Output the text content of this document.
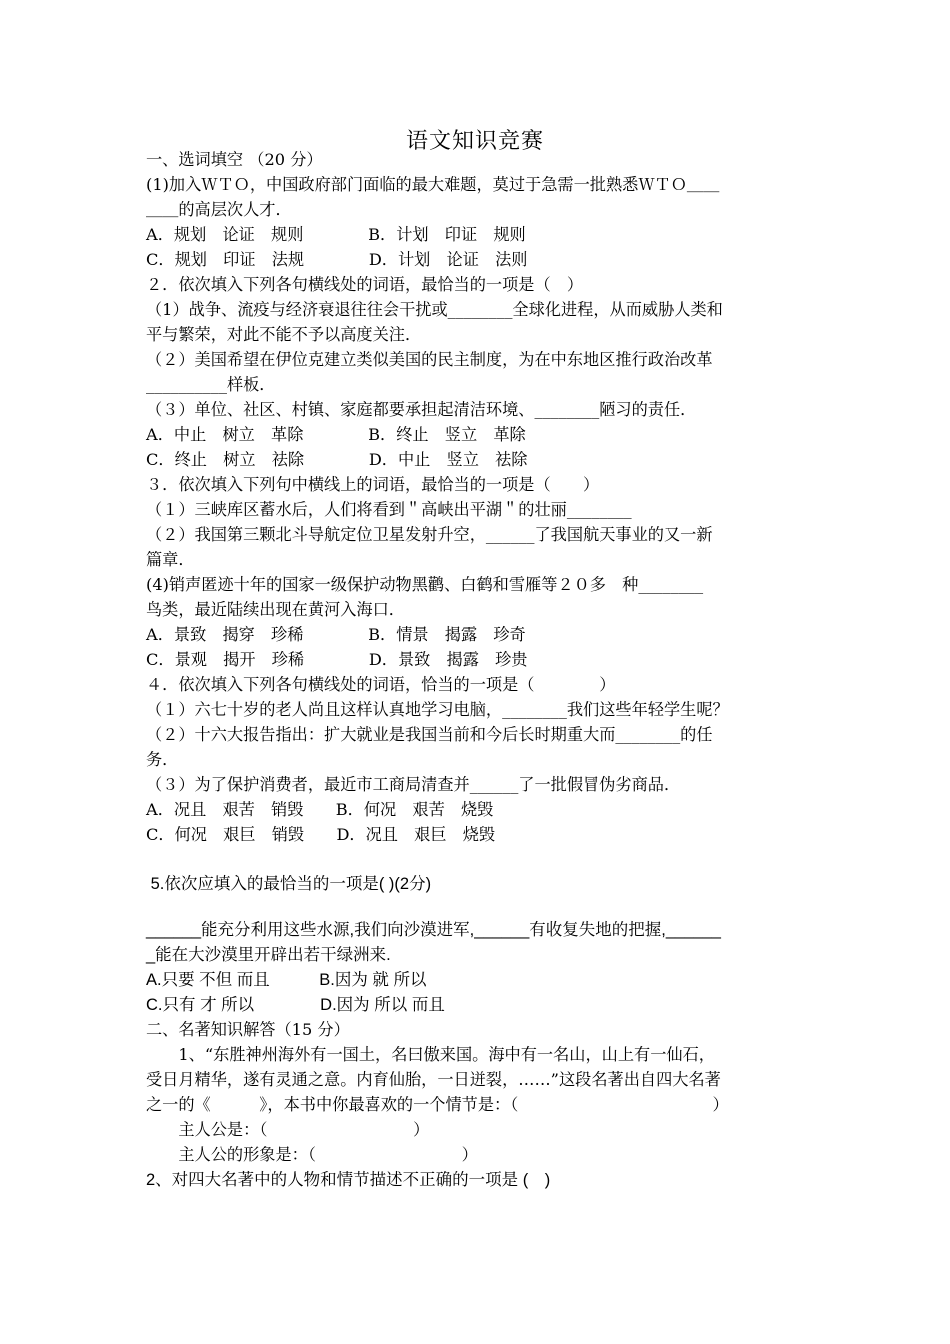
语文知识竞赛
一、选词填空 （20 分）
(1)加入ＷＴＯ，中国政府部门面临的最大难题，莫过于急需一批熟悉ＷＴＯ＿＿
＿＿的高层次人才．
A．规划　论证　规则　　　　B．计划　印证　规则
C．规划　印证　法规　　　　D．计划　论证　法则
２．依次填入下列各句横线处的词语，最恰当的一项是（　）
（1）战争、流疫与经济衰退往往会干扰或________全球化进程，从而威胁人类和
平与繁荣，对此不能不予以高度关注．
（２）美国希望在伊位克建立类似美国的民主制度，为在中东地区推行政治改革
__________样板．
（３）单位、社区、村镇、家庭都要承担起清洁环境、________陋习的责任．
A．中止　树立　革除　　　　B．终止　竖立　革除
C．终止　树立　祛除　　　　D．中止　竖立　祛除
３．依次填入下列句中横线上的词语，最恰当的一项是（　　）
（１）三峡库区蓄水后，人们将看到＂高峡出平湖＂的壮丽________
（２）我国第三颗北斗导航定位卫星发射升空，______了我国航天事业的又一新
篇章．
(4)销声匿迹十年的国家一级保护动物黑鹳、白鹤和雪雁等２０多　种________
鸟类，最近陆续出现在黄河入海口．
A．景致　揭穿　珍稀　　　　B．情景　揭露　珍奇
C．景观　揭开　珍稀　　　　D．景致　揭露　珍贵
４．依次填入下列各句横线处的词语，恰当的一项是（　　　　）
（１）六七十岁的老人尚且这样认真地学习电脑，________我们这些年轻学生呢？
（２）十六大报告指出：扩大就业是我国当前和今后长时期重大而________的任
务．
（３）为了保护消费者，最近市工商局清查并______了一批假冒伪劣商品．
A．况且　艰苦　销毁　　B．何况　艰苦　烧毁
C．何况　艰巨　销毁　　D．况且　艰巨　烧毁
5.依次应填入的最恰当的一项是( )(2分)
______能充分利用这些水源,我们向沙漠进军,______有收复失地的把握,______
_能在大沙漠里开辟出若干绿洲来.
A.只要 不但 而且　　　B.因为 就 所以
C.只有 才 所以　　　　D.因为 所以 而且
二、名著知识解答（15 分）
　　1、“东胜神州海外有一国土，名曰傲来国。海中有一名山，山上有一仙石，
受日月精华，遂有灵通之意。内育仙胎，一日迸裂，……”这段名著出自四大名著
之一的《　　　》，本书中你最喜欢的一个情节是：（　　　　　　　　　　　　）
　　主人公是：（　　　　　　　　　）
　　主人公的形象是：（　　　　　　　　　）
2、对四大名著中的人物和情节描述不正确的一项是 (　)
